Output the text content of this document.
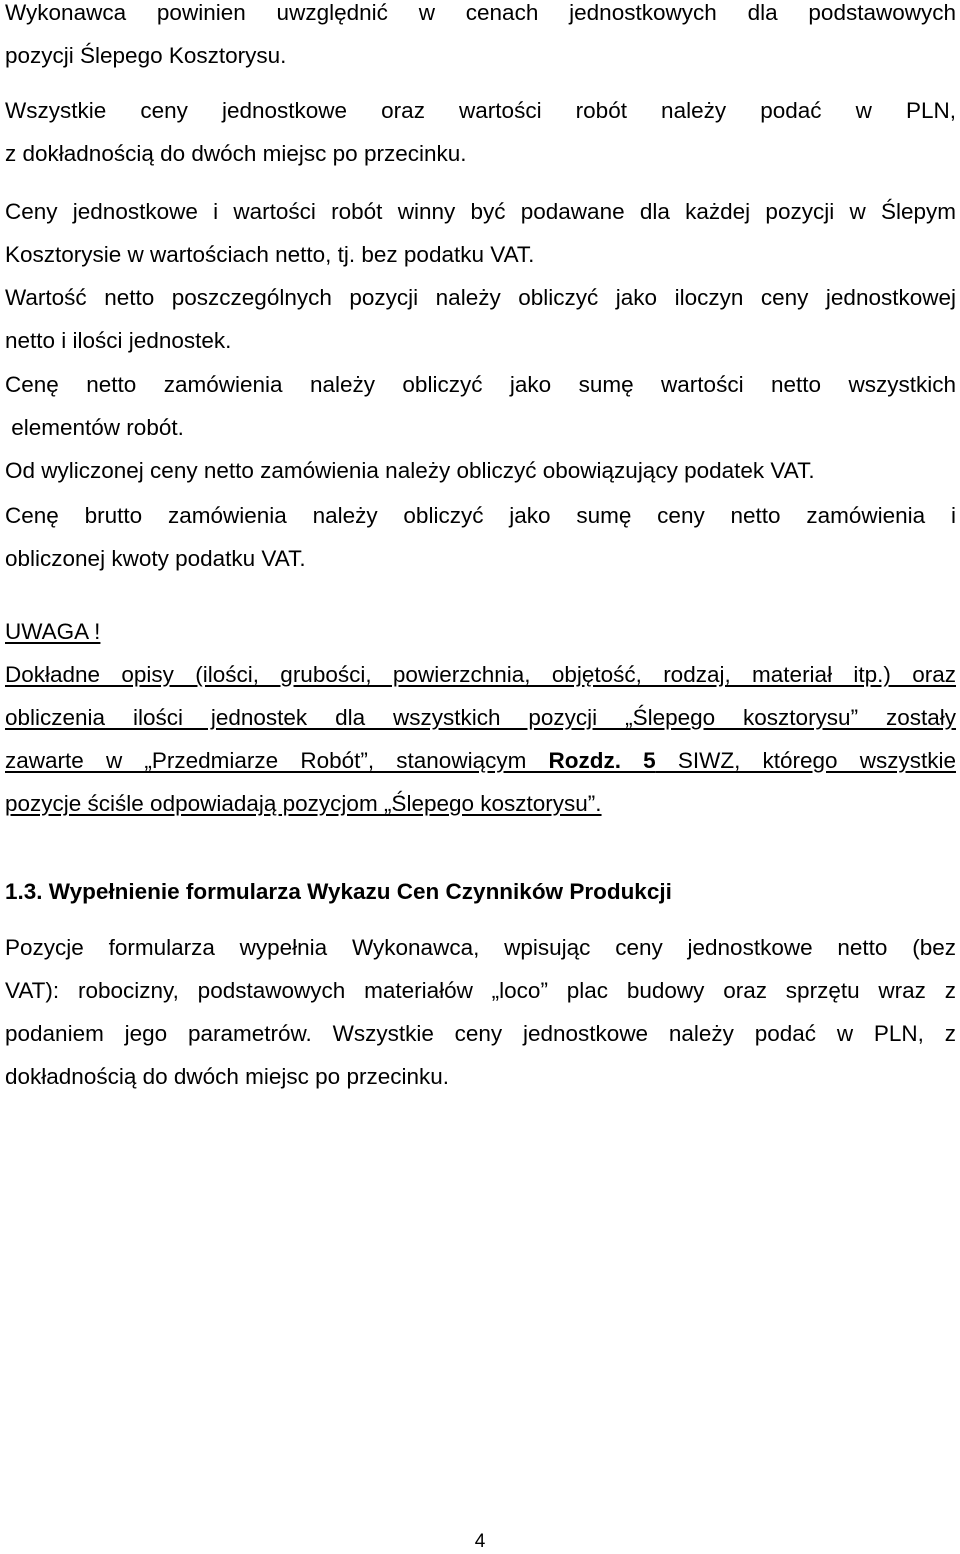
Wykonawca powinien uwzględnić w cenach jednostkowych dla podstawowych
pozycji Ślepego Kosztorysu.
Wszystkie ceny jednostkowe oraz wartości robót należy podać w PLN,
z dokładnością do dwóch miejsc po przecinku.
Ceny jednostkowe i wartości robót winny być podawane dla każdej pozycji w Ślepym
Kosztorysie w wartościach netto, tj. bez podatku VAT.
Wartość netto poszczególnych pozycji należy obliczyć jako iloczyn ceny jednostkowej
netto i ilości jednostek.
Cenę netto zamówienia należy obliczyć jako sumę wartości netto wszystkich
elementów robót.
Od wyliczonej ceny netto zamówienia należy obliczyć obowiązujący podatek VAT.
Cenę brutto zamówienia należy obliczyć jako sumę ceny netto zamówienia i
obliczonej kwoty podatku VAT.
UWAGA !
Dokładne opisy (ilości, grubości, powierzchnia, objętość, rodzaj, materiał itp.) oraz
obliczenia ilości jednostek dla wszystkich pozycji „Ślepego kosztorysu” zostały
zawarte w „Przedmiarze Robót”, stanowiącym Rozdz. 5 SIWZ, którego wszystkie
pozycje ściśle odpowiadają pozycjom „Ślepego kosztorysu”.
1.3. Wypełnienie formularza Wykazu Cen Czynników Produkcji
Pozycje formularza wypełnia Wykonawca, wpisując ceny jednostkowe netto (bez
VAT): robocizny, podstawowych materiałów „loco” plac budowy oraz sprzętu wraz z
podaniem jego parametrów. Wszystkie ceny jednostkowe należy podać w PLN, z
dokładnością do dwóch miejsc po przecinku.
4
